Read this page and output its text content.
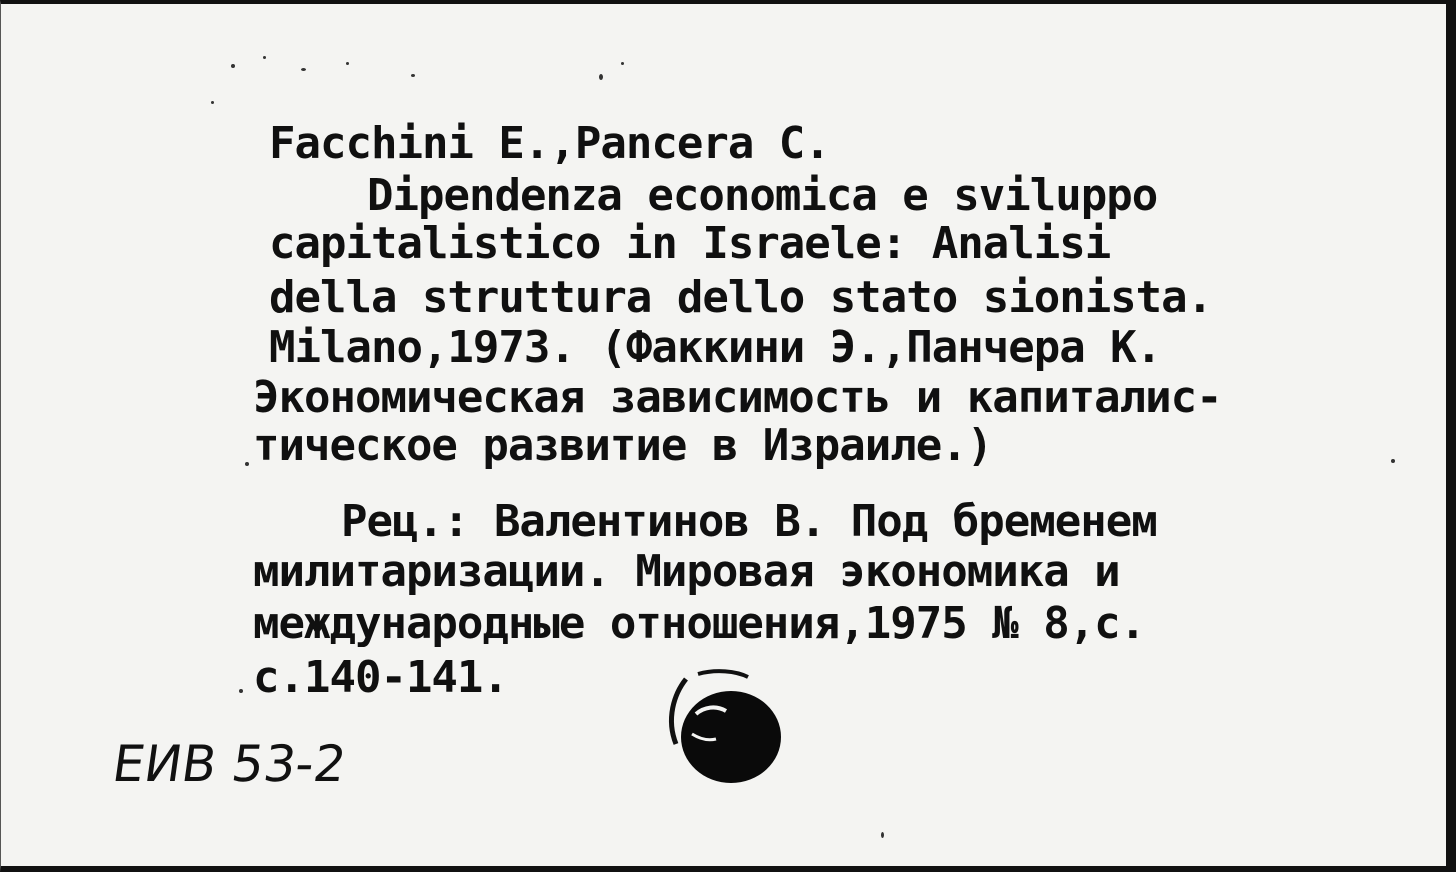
Facchini E.,Pancera C.
Dipendenza economica e sviluppo
capitalistico in Israele: Analisi
della struttura dello stato sionista.
Milano,1973. (Факкини Э.,Панчера К.
Экономическая зависимость и капиталис-
тическое развитие в Израиле.)
Рец.: Валентинов В. Под бременем
милитаризации. Мировая экономика и
международные отношения,1975 № 8,с.
с.140-141.
ЕИВ 53-2
